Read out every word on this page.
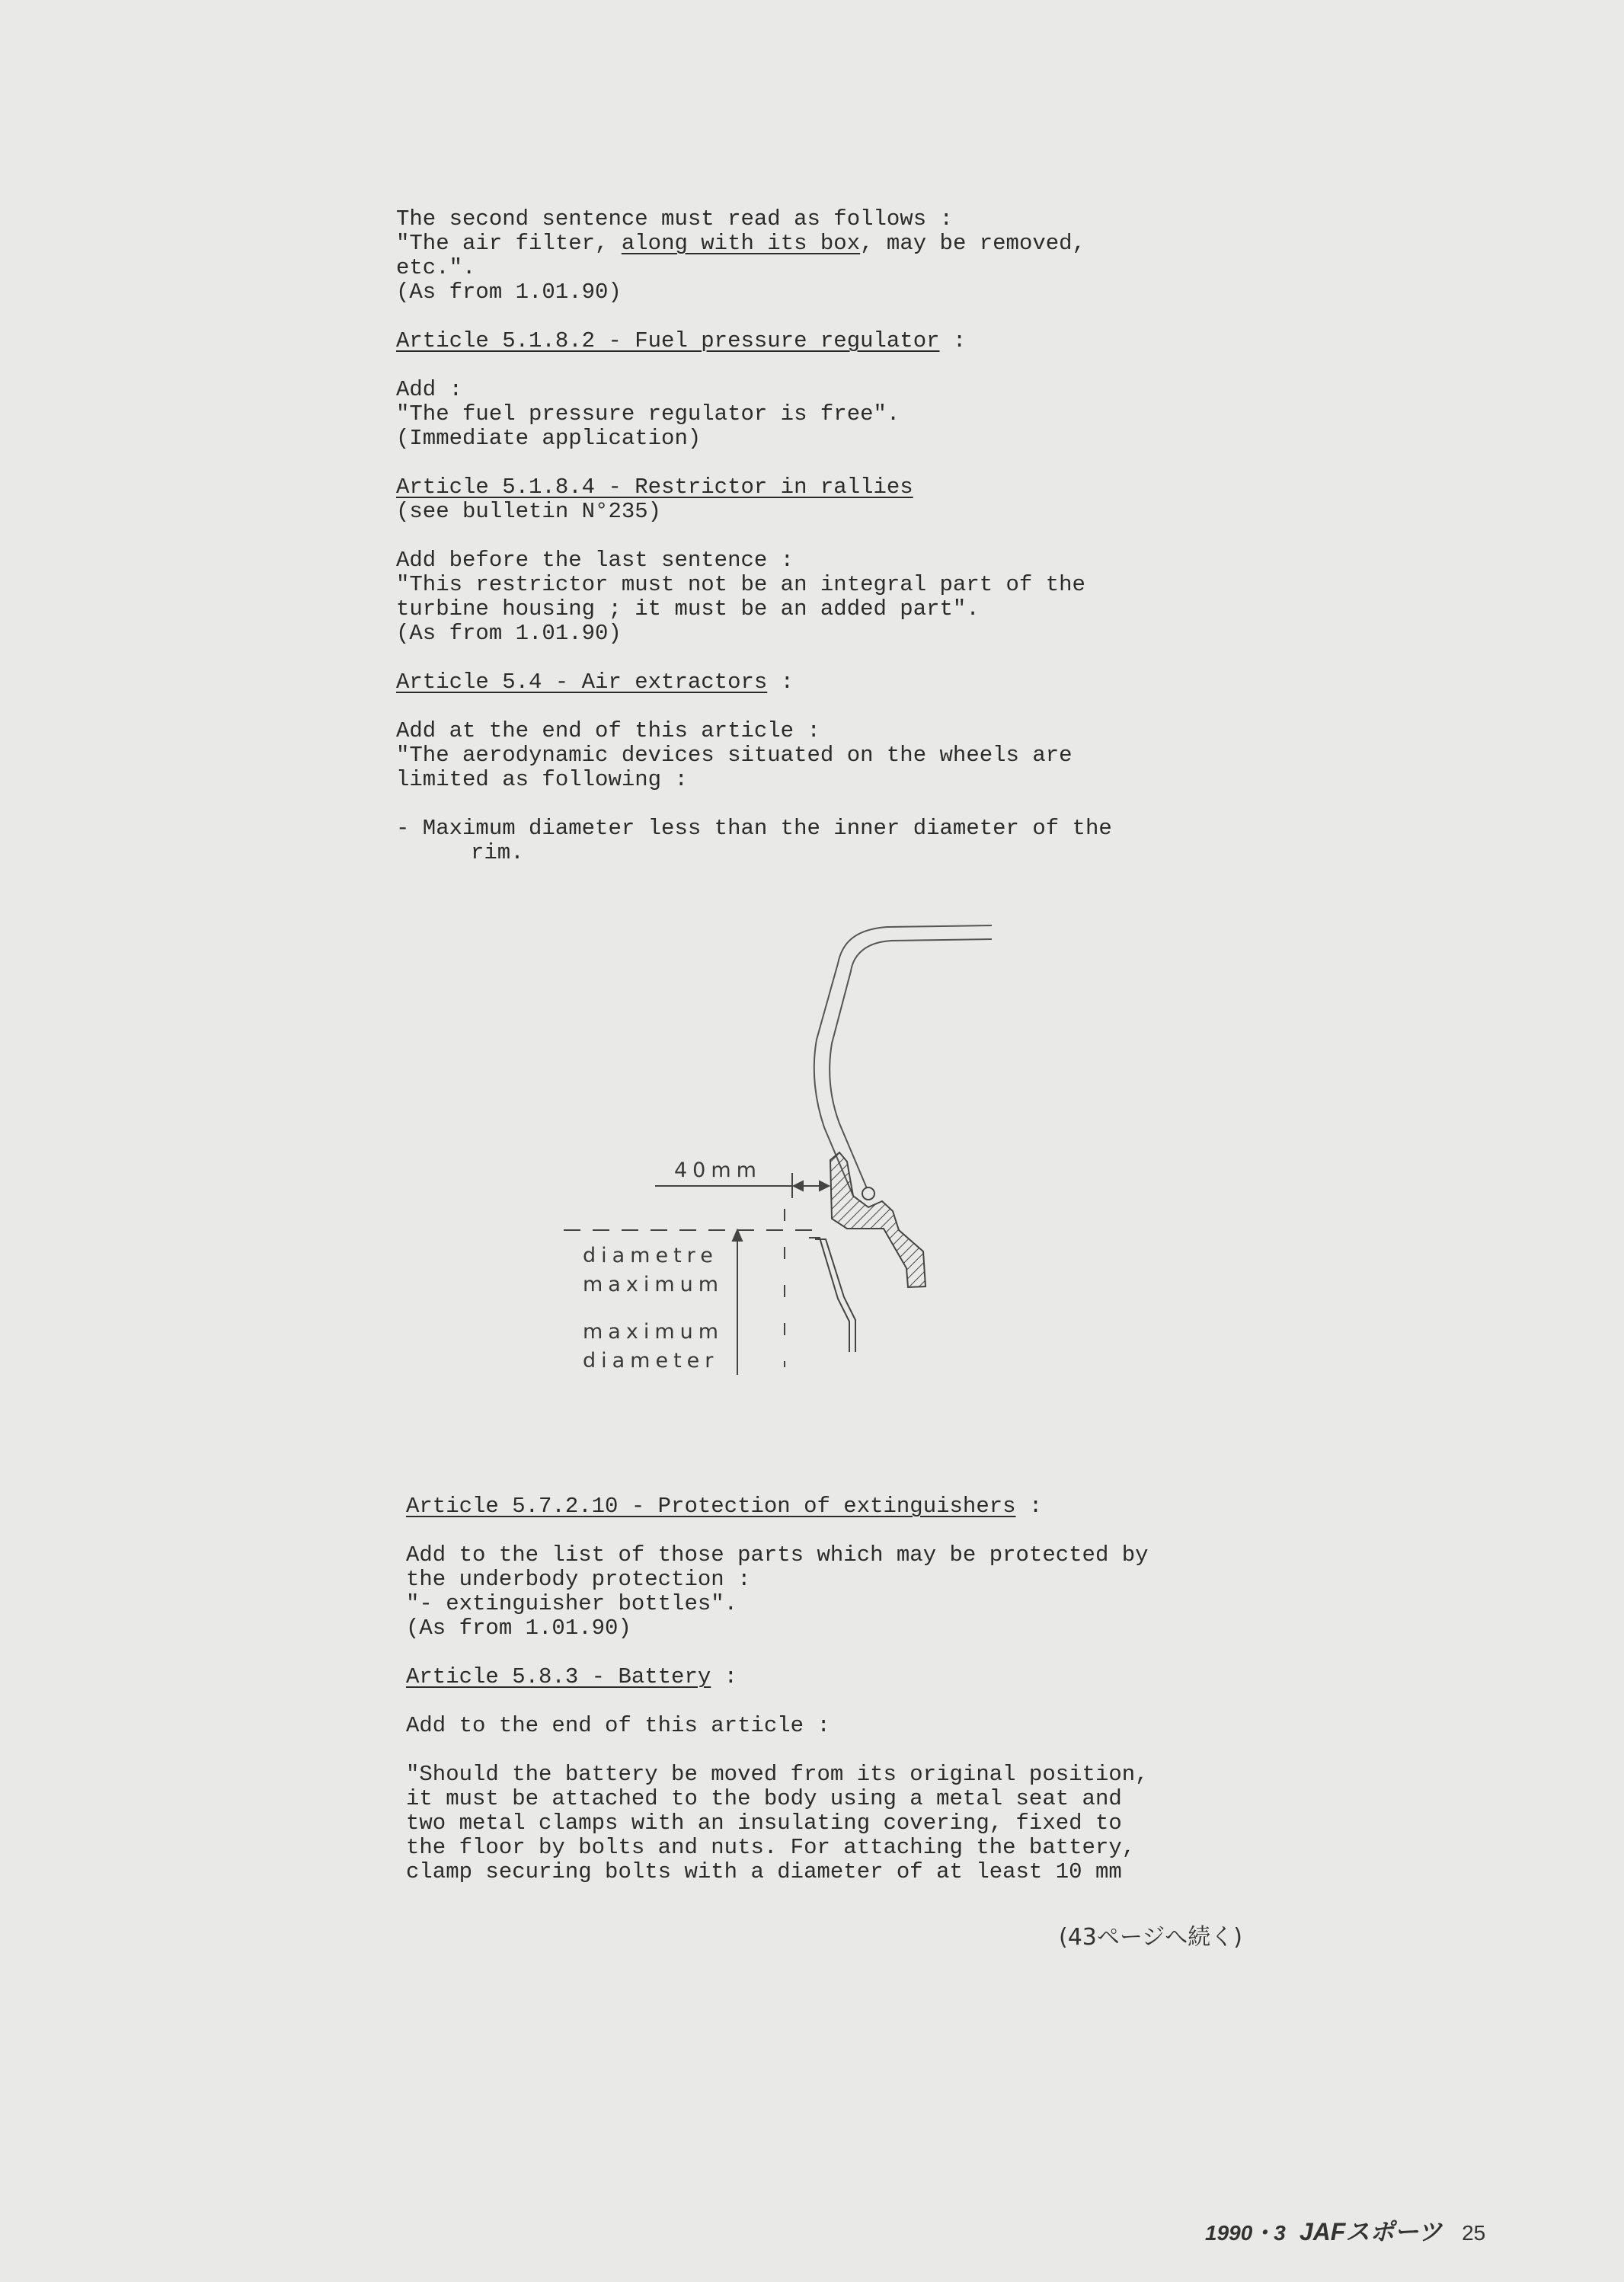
The second sentence must read as follows :
"The air filter, along with its box, may be removed,
etc.".
(As from 1.01.90)
Article 5.1.8.2 - Fuel pressure regulator :
Add :
"The fuel pressure regulator is free".
(Immediate application)
Article 5.1.8.4 - Restrictor in rallies
(see bulletin N°235)
Add before the last sentence :
"This restrictor must not be an integral part of the
turbine housing ; it must be an added part".
(As from 1.01.90)
Article 5.4 - Air extractors :
Add at the end of this article :
"The aerodynamic devices situated on the wheels are
limited as following :
- Maximum diameter less than the inner diameter of the
rim.
40mm
diametre
maximum
maximum
diameter
Article 5.7.2.10 - Protection of extinguishers :
Add to the list of those parts which may be protected by
the underbody protection :
"- extinguisher bottles".
(As from 1.01.90)
Article 5.8.3 - Battery :
Add to the end of this article :
"Should the battery be moved from its original position,
it must be attached to the body using a metal seat and
two metal clamps with an insulating covering, fixed to
the floor by bolts and nuts. For attaching the battery,
clamp securing bolts with a diameter of at least 10 mm
(43ページへ続く)
1990・3 JAFスポーツ 25
